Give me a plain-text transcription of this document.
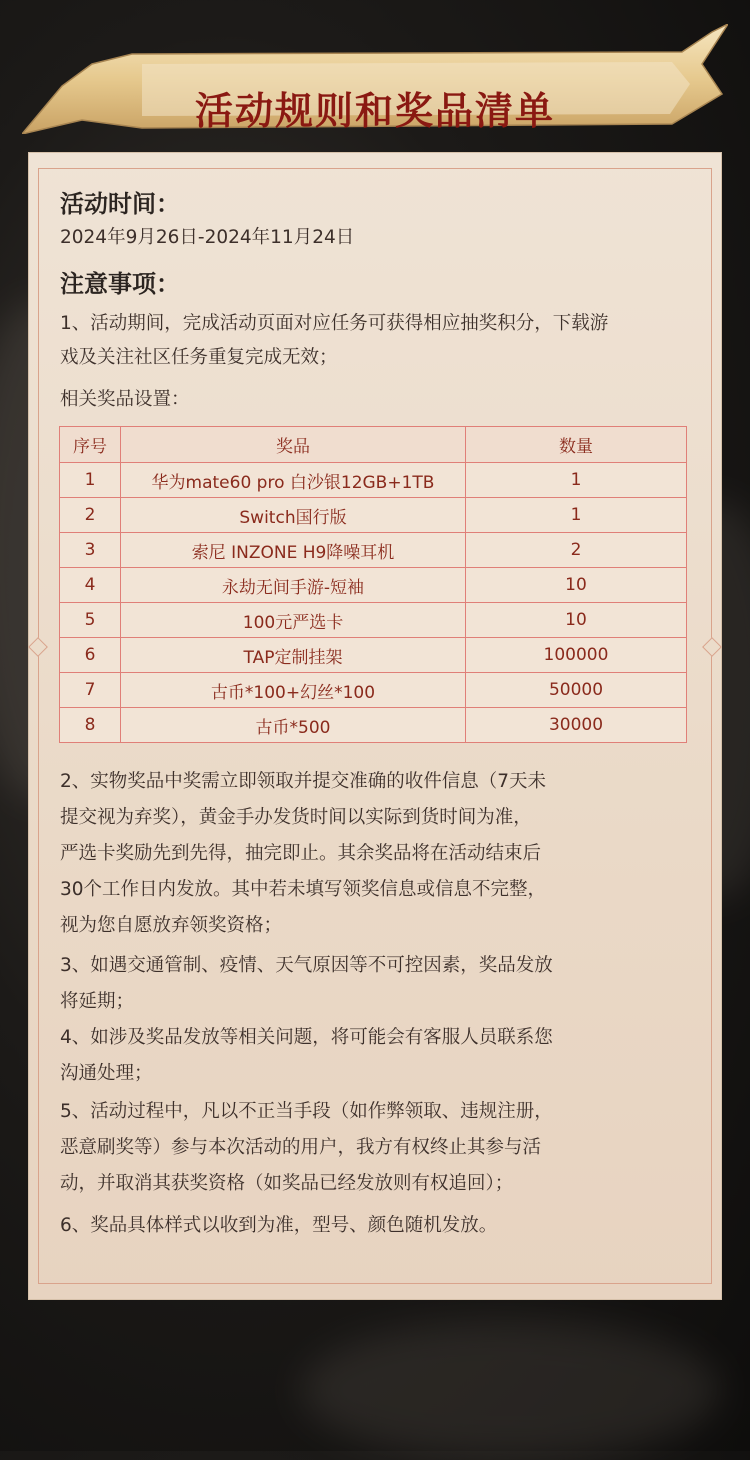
活动规则和奖品清单

活动时间：

2024年9月26日-2024年11月24日

注意事项：

1、活动期间，完成活动页面对应任务可获得相应抽奖积分，下载游

戏及关注社区任务重复完成无效；

相关奖品设置：

序号	奖品	数量
1	华为mate60 pro 白沙银12GB+1TB	1
2	Switch国行版	1
3	索尼 INZONE H9降噪耳机	2
4	永劫无间手游-短袖	10
5	100元严选卡	10
6	TAP定制挂架	100000
7	古币*100+幻丝*100	50000
8	古币*500	30000

2、实物奖品中奖需立即领取并提交准确的收件信息（7天未

提交视为弃奖），黄金手办发货时间以实际到货时间为准，

严选卡奖励先到先得，抽完即止。其余奖品将在活动结束后

30个工作日内发放。其中若未填写领奖信息或信息不完整，

视为您自愿放弃领奖资格；

3、如遇交通管制、疫情、天气原因等不可控因素，奖品发放

将延期；

4、如涉及奖品发放等相关问题，将可能会有客服人员联系您

沟通处理；

5、活动过程中，凡以不正当手段（如作弊领取、违规注册，

恶意刷奖等）参与本次活动的用户，我方有权终止其参与活

动，并取消其获奖资格（如奖品已经发放则有权追回）；

6、奖品具体样式以收到为准，型号、颜色随机发放。
